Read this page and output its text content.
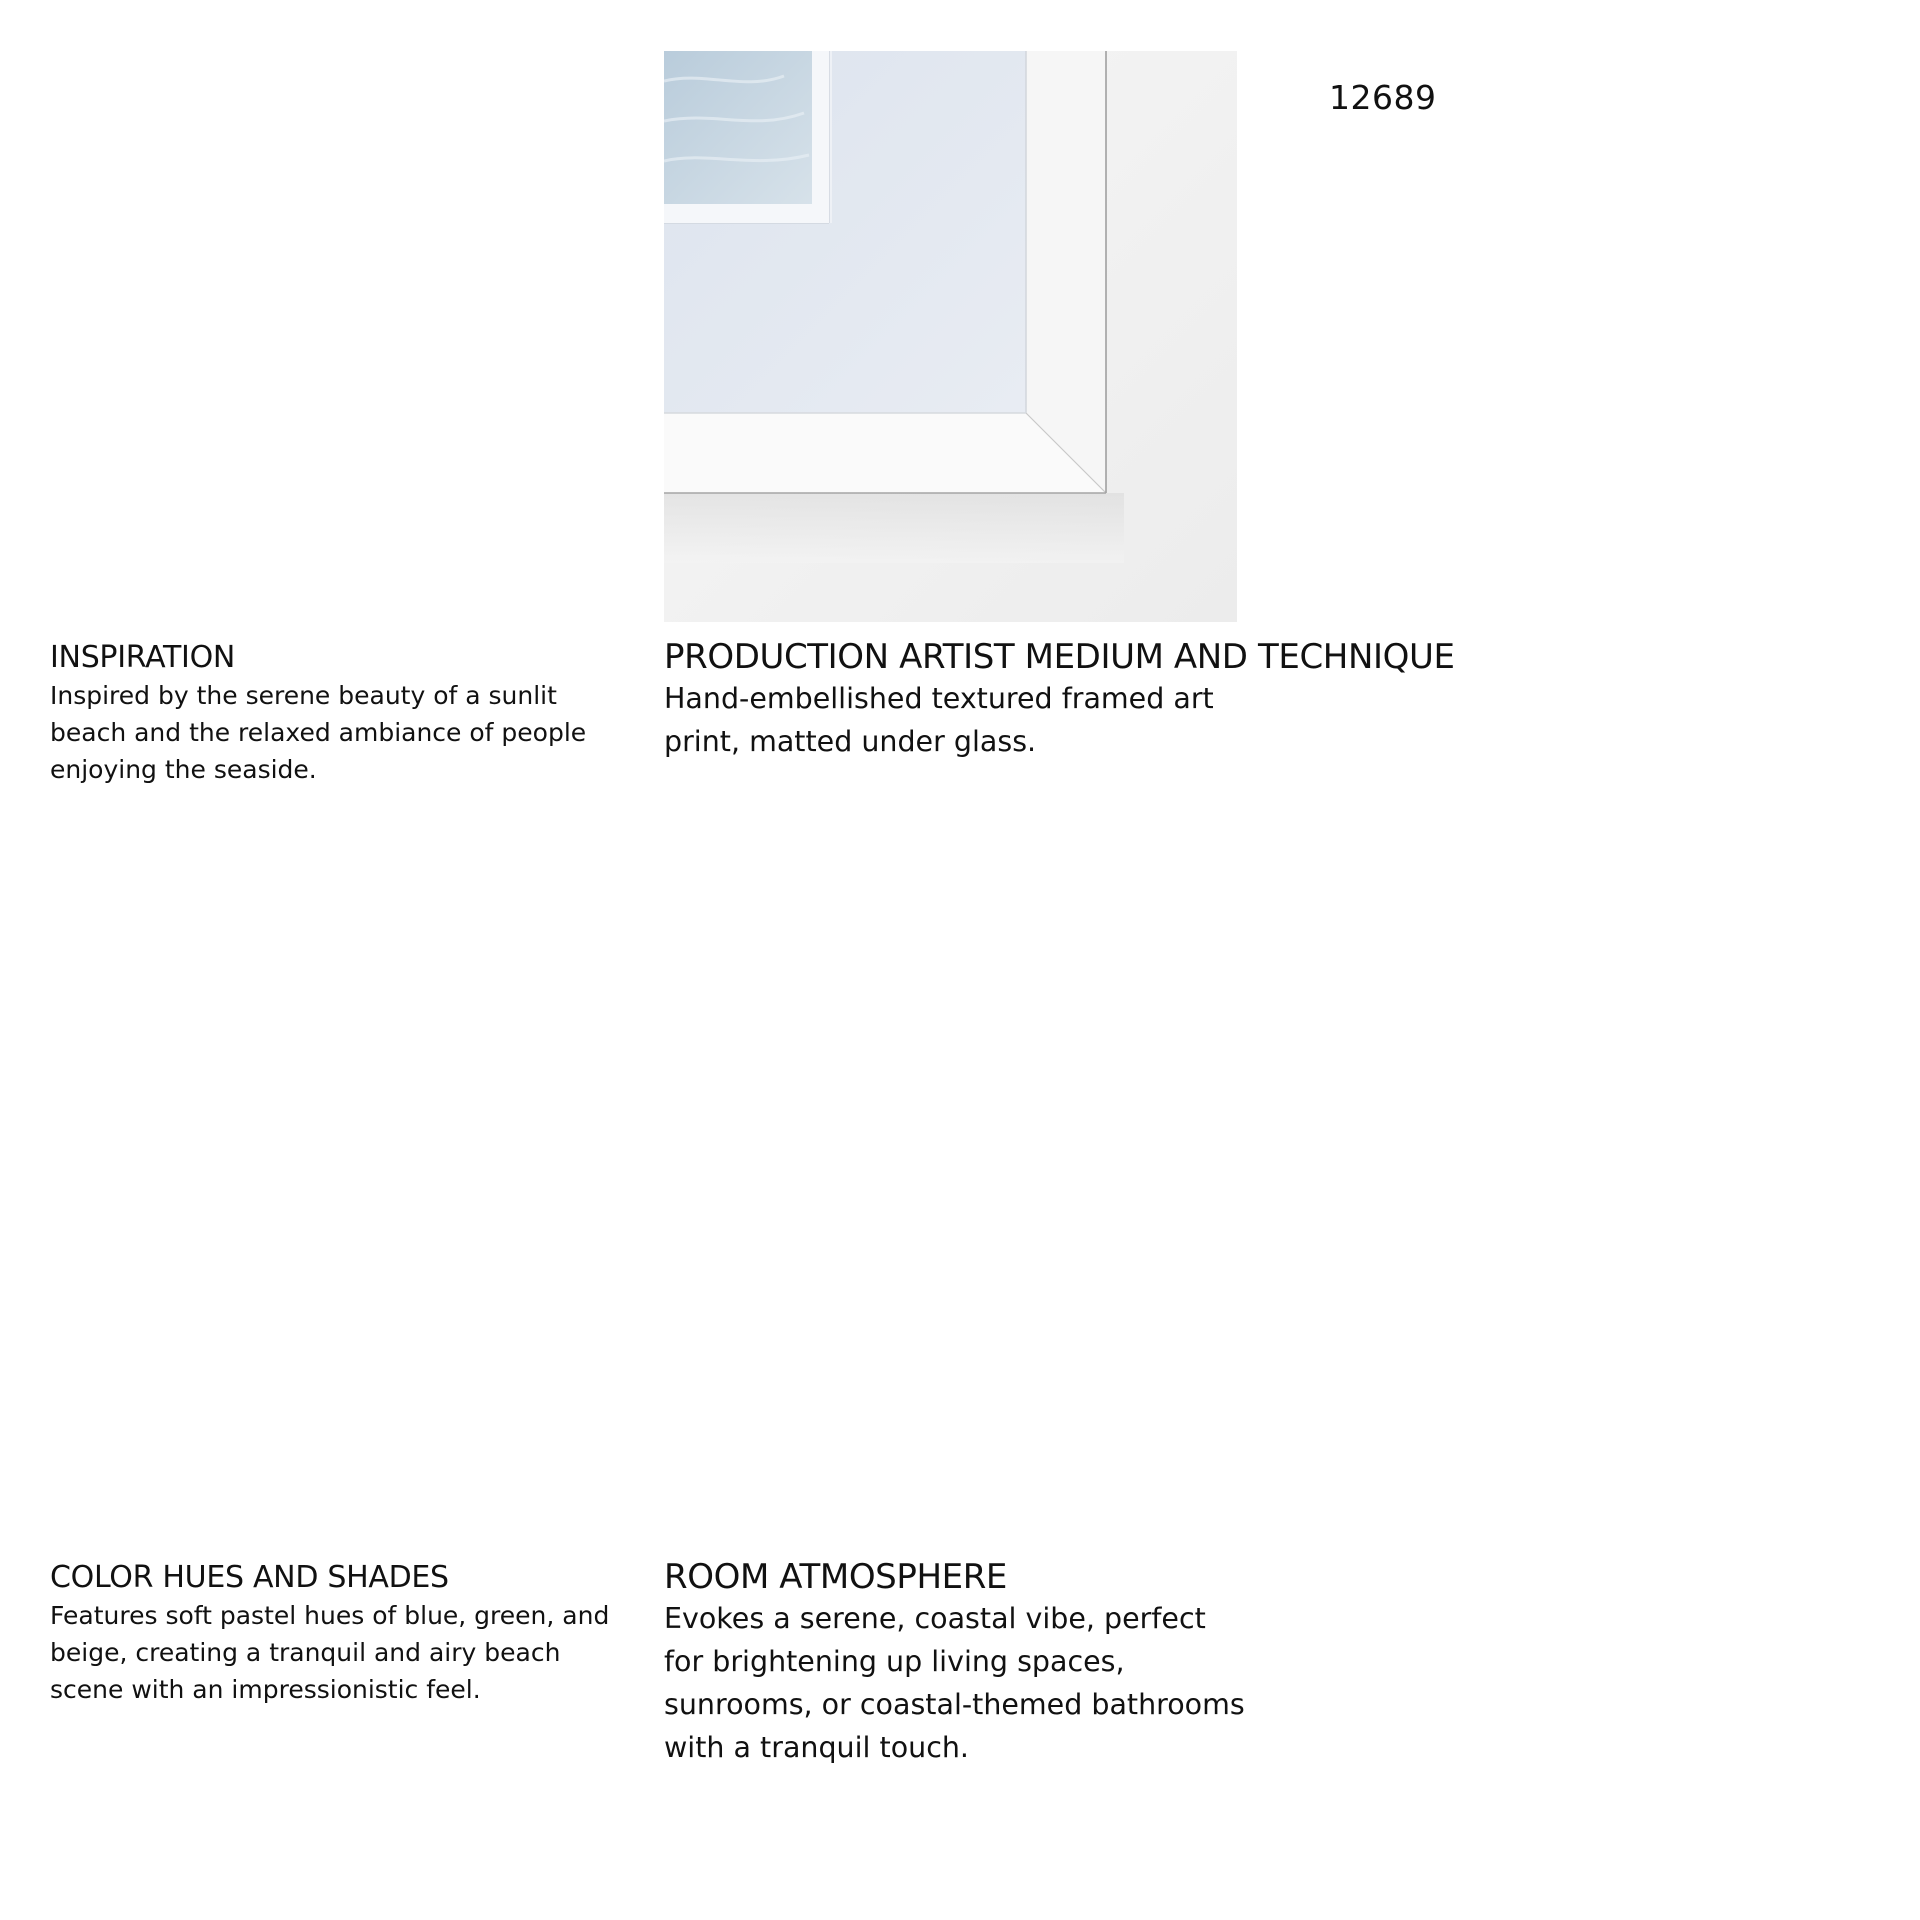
12689
INSPIRATION

Inspired by the serene beauty of a sunlit beach and the relaxed ambiance of people enjoying the seaside.

PRODUCTION ARTIST MEDIUM AND TECHNIQUE

Hand-embellished textured framed art print, matted under glass.

COLOR HUES AND SHADES

Features soft pastel hues of blue, green, and beige, creating a tranquil and airy beach scene with an impressionistic feel.

ROOM ATMOSPHERE

Evokes a serene, coastal vibe, perfect for brightening up living spaces, sunrooms, or coastal-themed bathrooms with a tranquil touch.
